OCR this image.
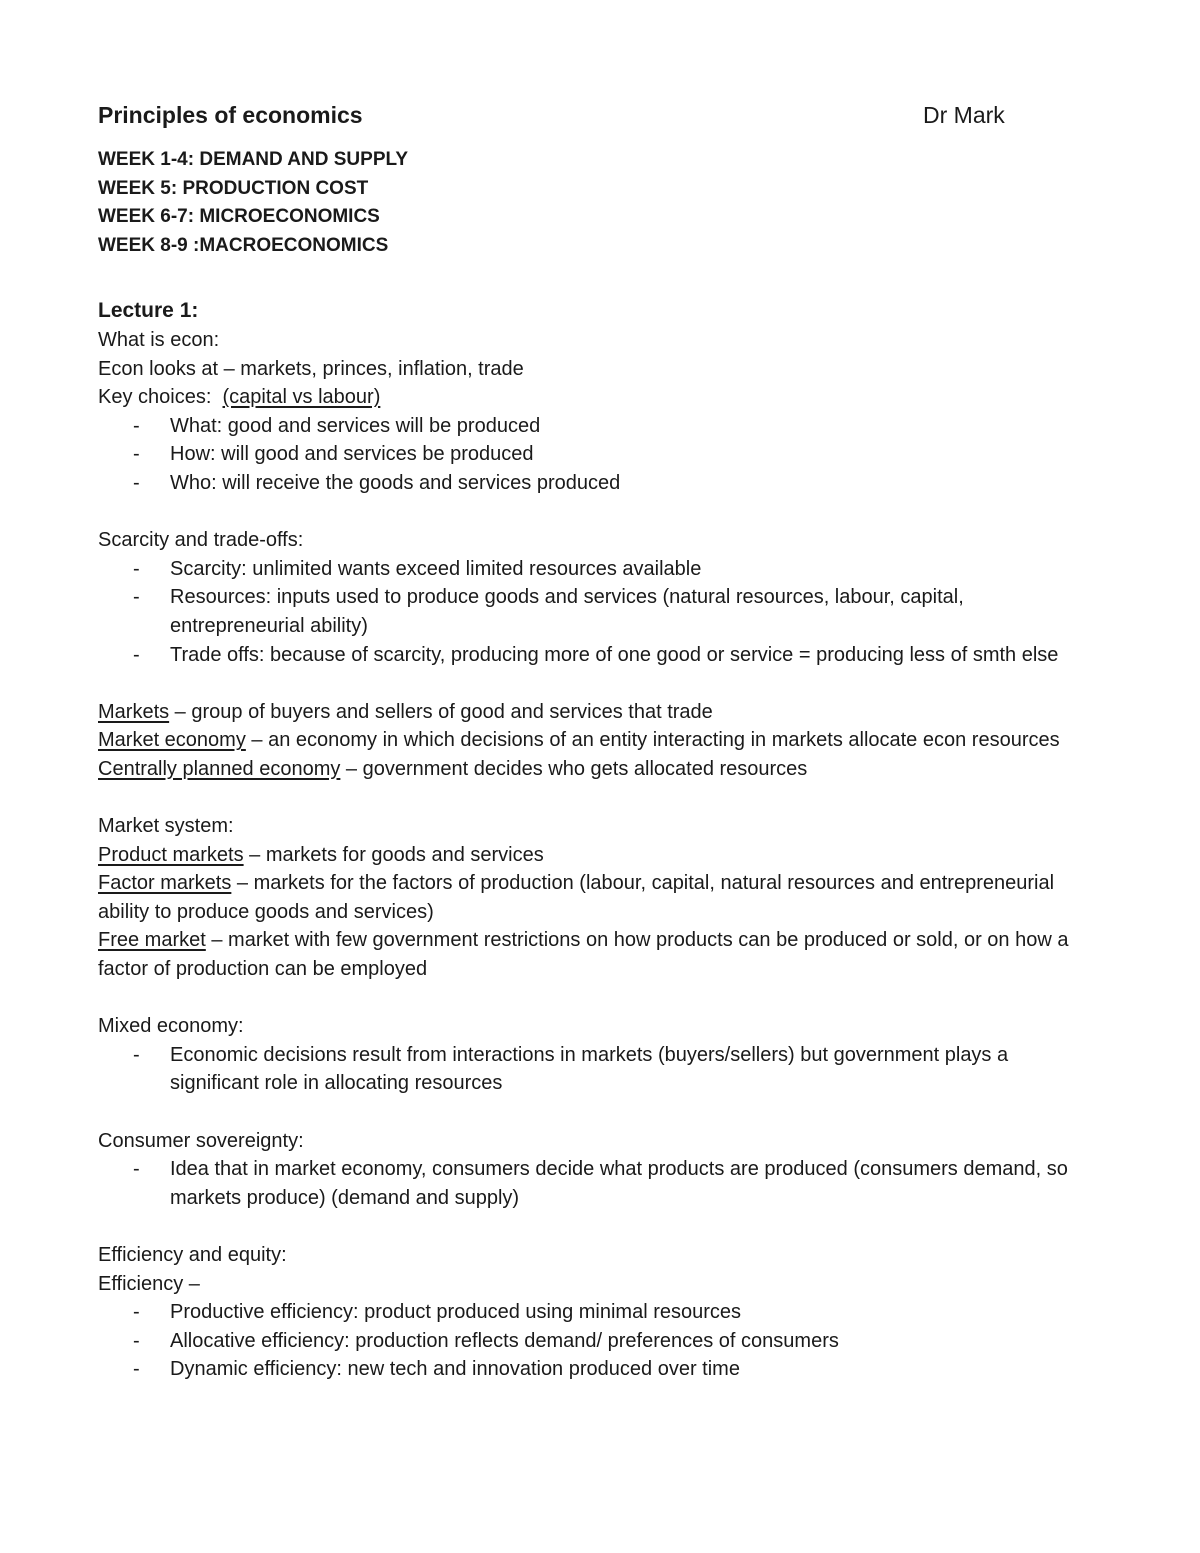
Principles of economics	Dr Mark
WEEK 1-4: DEMAND AND SUPPLY
WEEK 5: PRODUCTION COST
WEEK 6-7: MICROECONOMICS
WEEK 8-9 :MACROECONOMICS
Lecture 1:
What is econ:
Econ looks at – markets, princes, inflation, trade
Key choices: (capital vs labour)
- What: good and services will be produced
- How: will good and services be produced
- Who: will receive the goods and services produced
Scarcity and trade-offs:
- Scarcity: unlimited wants exceed limited resources available
- Resources: inputs used to produce goods and services (natural resources, labour, capital, entrepreneurial ability)
- Trade offs: because of scarcity, producing more of one good or service = producing less of smth else
Markets – group of buyers and sellers of good and services that trade
Market economy – an economy in which decisions of an entity interacting in markets allocate econ resources
Centrally planned economy – government decides who gets allocated resources
Market system:
Product markets – markets for goods and services
Factor markets – markets for the factors of production (labour, capital, natural resources and entrepreneurial ability to produce goods and services)
Free market – market with few government restrictions on how products can be produced or sold, or on how a factor of production can be employed
Mixed economy:
- Economic decisions result from interactions in markets (buyers/sellers) but government plays a significant role in allocating resources
Consumer sovereignty:
- Idea that in market economy, consumers decide what products are produced (consumers demand, so markets produce) (demand and supply)
Efficiency and equity:
Efficiency –
- Productive efficiency: product produced using minimal resources
- Allocative efficiency: production reflects demand/ preferences of consumers
- Dynamic efficiency: new tech and innovation produced over time
